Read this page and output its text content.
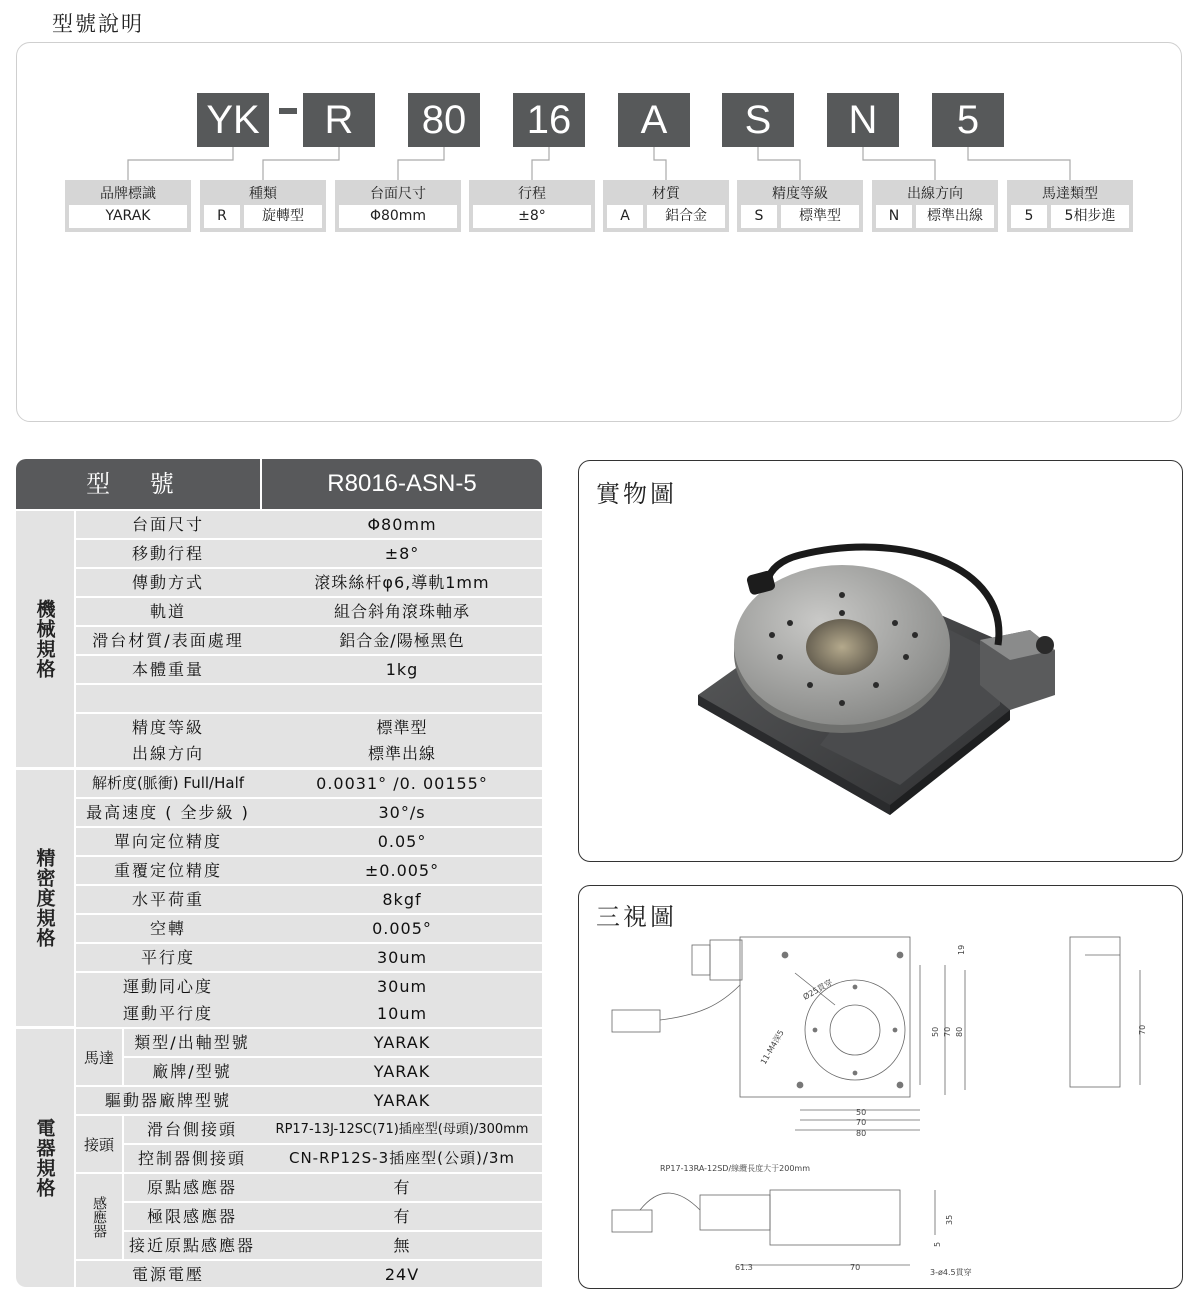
型號說明
YK	R	80	16	A	S	N	5
品牌標識
YARAK
種類
R	旋轉型
台面尺寸
Φ80mm
行程
±8°
材質
A	鋁合金
精度等級
S	標準型
出線方向
N	標準出線
馬達類型
5	5相步進
型 號	R8016-ASN-5
機械規格
精密度規格
電器規格
台面尺寸	Φ80mm
移動行程	±8°
傳動方式	滾珠絲杆φ6,導軌1mm
軌道	組合斜角滾珠軸承
滑台材質/表面處理	鋁合金/陽極黑色
本體重量	1kg
精度等級	標準型
出線方向	標準出線
解析度(脈衝) Full/Half	0.0031° /0. 00155°
最高速度 ( 全步級 )	30°/s
單向定位精度	0.05°
重覆定位精度	±0.005°
水平荷重	8kgf
空轉	0.005°
平行度	30um
運動同心度	30um
運動平行度	10um
馬達
類型/出軸型號	YARAK
廠牌/型號	YARAK
驅動器廠牌型號	YARAK
接頭
滑台側接頭	RP17-13J-12SC(71)插座型(母頭)/300mm
控制器側接頭	CN-RP12S-3插座型(公頭)/3m
感應器
原點感應器	有
極限感應器	有
接近原點感應器	無
電源電壓	24V
實物圖
三視圖
50
70
80
50 70 80
19
70
Ø25貫穿
11-M4深5
RP17-13RA-12SD/線纜長度大于200mm
61.3	70
35
5
3-ø4.5貫穿
